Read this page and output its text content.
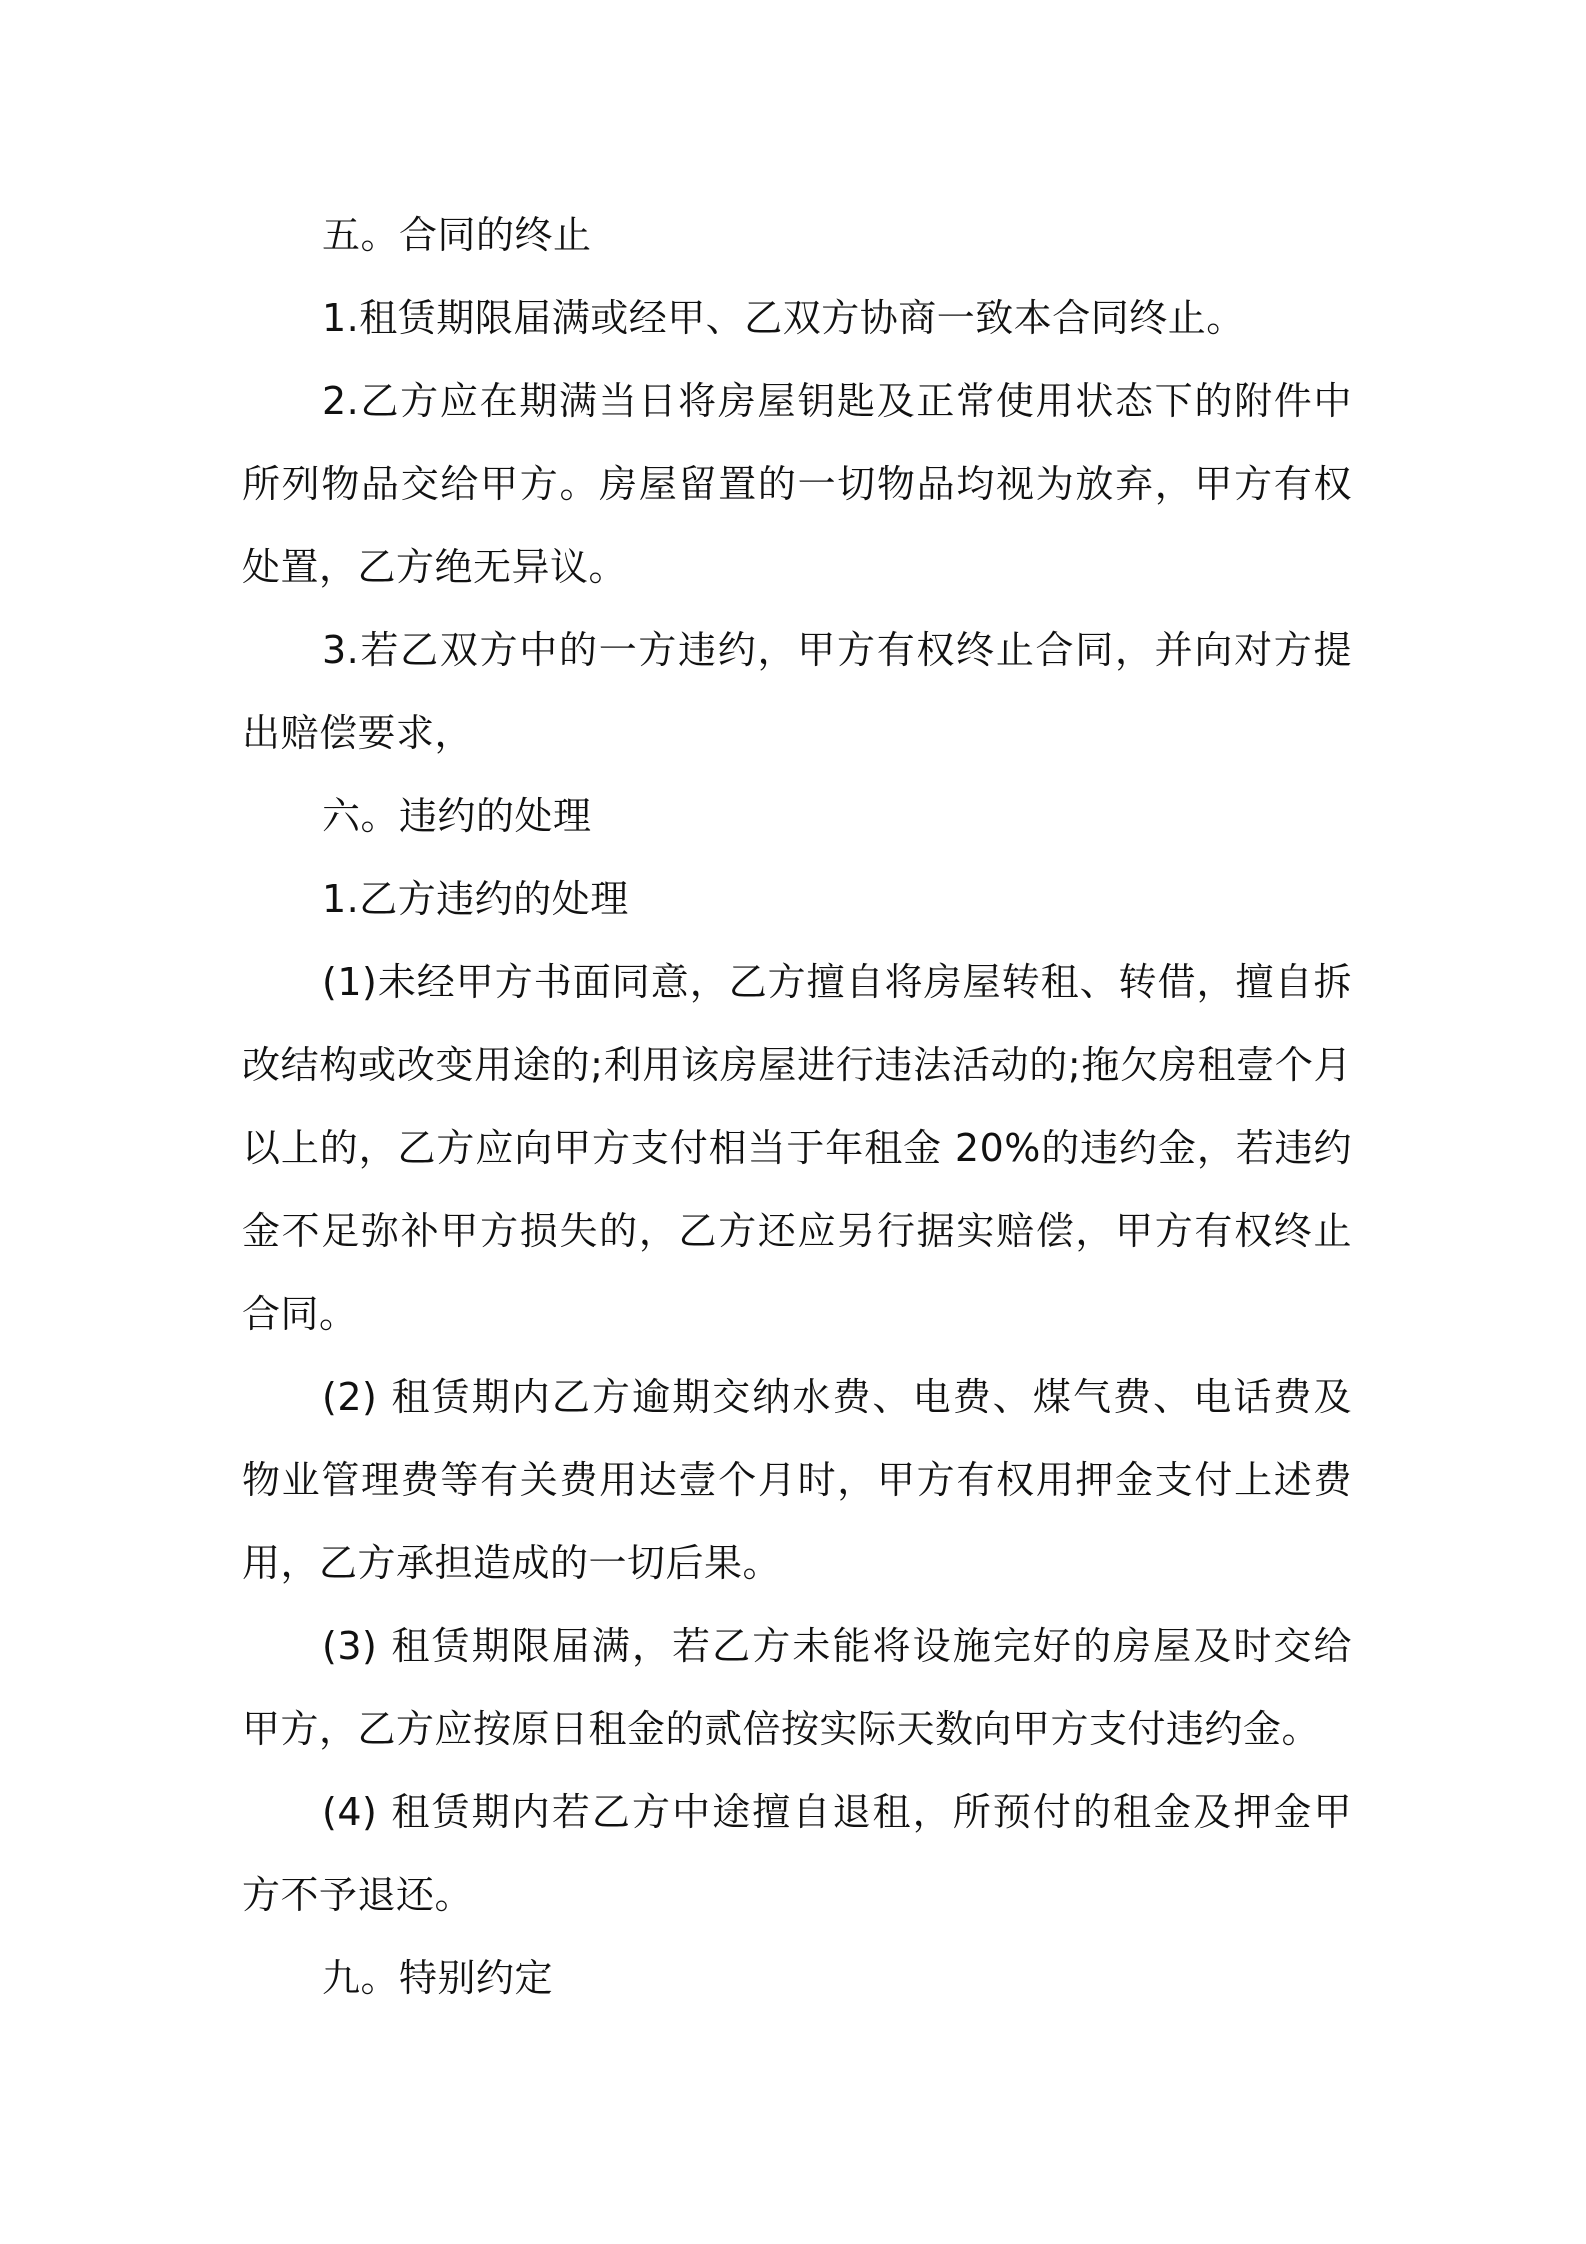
五。合同的终止

1.租赁期限届满或经甲、乙双方协商一致本合同终止。

2.乙方应在期满当日将房屋钥匙及正常使用状态下的附件中所列物品交给甲方。房屋留置的一切物品均视为放弃，甲方有权处置，乙方绝无异议。

3.若乙双方中的一方违约，甲方有权终止合同，并向对方提出赔偿要求，

六。违约的处理

1.乙方违约的处理

(1)未经甲方书面同意，乙方擅自将房屋转租、转借，擅自拆改结构或改变用途的;利用该房屋进行违法活动的;拖欠房租壹个月以上的，乙方应向甲方支付相当于年租金 20%的违约金，若违约金不足弥补甲方损失的，乙方还应另行据实赔偿，甲方有权终止合同。

(2) 租赁期内乙方逾期交纳水费、电费、煤气费、电话费及物业管理费等有关费用达壹个月时，甲方有权用押金支付上述费用，乙方承担造成的一切后果。

(3) 租赁期限届满，若乙方未能将设施完好的房屋及时交给甲方，乙方应按原日租金的贰倍按实际天数向甲方支付违约金。

(4) 租赁期内若乙方中途擅自退租，所预付的租金及押金甲方不予退还。

九。特别约定
